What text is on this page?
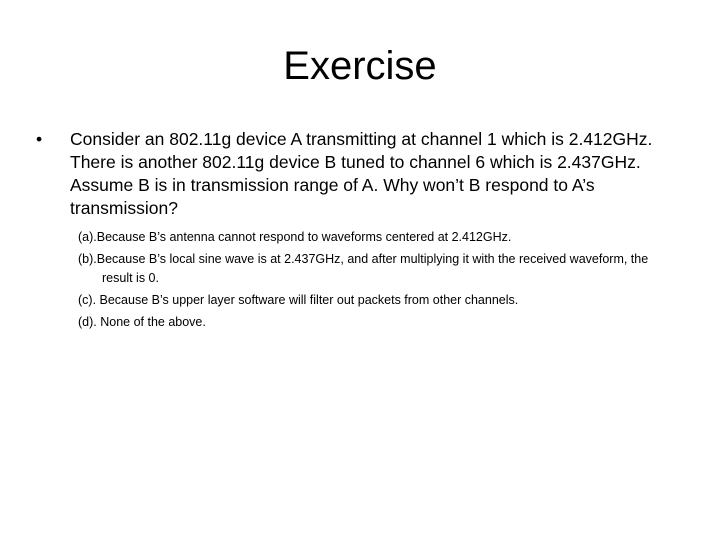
Exercise
•	Consider an 802.11g device A transmitting at channel 1 which is 2.412GHz. There is another 802.11g device B tuned to channel 6 which is 2.437GHz. Assume B is in transmission range of A. Why won’t B respond to A’s transmission?
(a).Because B’s antenna cannot respond to waveforms centered at 2.412GHz.
(b).Because B’s local sine wave is at 2.437GHz, and after multiplying it with the received waveform, the result is 0.
(c). Because B’s upper layer software will filter out packets from other channels.
(d). None of the above.
